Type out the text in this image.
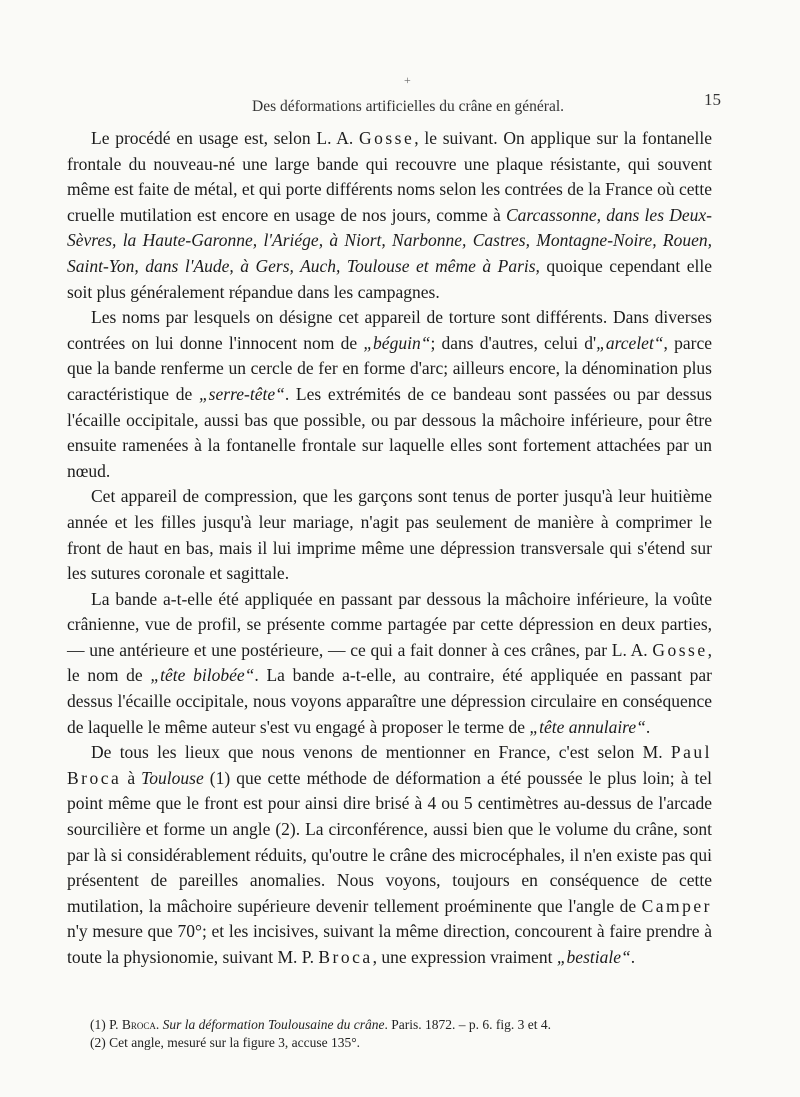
+
Des déformations artificielles du crâne en général.	15

Le procédé en usage est, selon L. A. Gosse, le suivant. On applique sur la fontanelle frontale du nouveau-né une large bande qui recouvre une plaque résistante, qui souvent même est faite de métal, et qui porte différents noms selon les contrées de la France où cette cruelle mutilation est encore en usage de nos jours, comme à Carcassonne, dans les Deux-Sèvres, la Haute-Garonne, l'Ariége, à Niort, Narbonne, Castres, Montagne-Noire, Rouen, Saint-Yon, dans l'Aude, à Gers, Auch, Toulouse et même à Paris, quoique cependant elle soit plus généralement répandue dans les campagnes.

Les noms par lesquels on désigne cet appareil de torture sont différents. Dans diverses contrées on lui donne l'innocent nom de „béguin“; dans d'autres, celui d'„arcelet“, parce que la bande renferme un cercle de fer en forme d'arc; ailleurs encore, la dénomination plus caractéristique de „serre-tête“. Les extrémités de ce bandeau sont passées ou par dessus l'écaille occipitale, aussi bas que possible, ou par dessous la mâchoire inférieure, pour être ensuite ramenées à la fontanelle frontale sur laquelle elles sont fortement attachées par un nœud.

Cet appareil de compression, que les garçons sont tenus de porter jusqu'à leur huitième année et les filles jusqu'à leur mariage, n'agit pas seulement de manière à comprimer le front de haut en bas, mais il lui imprime même une dépression transversale qui s'étend sur les sutures coronale et sagittale.

La bande a-t-elle été appliquée en passant par dessous la mâchoire inférieure, la voûte crânienne, vue de profil, se présente comme partagée par cette dépression en deux parties, — une antérieure et une postérieure, — ce qui a fait donner à ces crânes, par L. A. Gosse, le nom de „tête bilobée“. La bande a-t-elle, au contraire, été appliquée en passant par dessus l'écaille occipitale, nous voyons apparaître une dépression circulaire en conséquence de laquelle le même auteur s'est vu engagé à proposer le terme de „tête annulaire“.

De tous les lieux que nous venons de mentionner en France, c'est selon M. Paul Broca à Toulouse (1) que cette méthode de déformation a été poussée le plus loin; à tel point même que le front est pour ainsi dire brisé à 4 ou 5 centimètres au-dessus de l'arcade sourcilière et forme un angle (2). La circonférence, aussi bien que le volume du crâne, sont par là si considérablement réduits, qu'outre le crâne des microcéphales, il n'en existe pas qui présentent de pareilles anomalies. Nous voyons, toujours en conséquence de cette mutilation, la mâchoire supérieure devenir tellement proéminente que l'angle de Camper n'y mesure que 70°; et les incisives, suivant la même direction, concourent à faire prendre à toute la physionomie, suivant M. P. Broca, une expression vraiment „bestiale“.

(1) P. Broca. Sur la déformation Toulousaine du crâne. Paris. 1872. – p. 6. fig. 3 et 4.

(2) Cet angle, mesuré sur la figure 3, accuse 135°.
